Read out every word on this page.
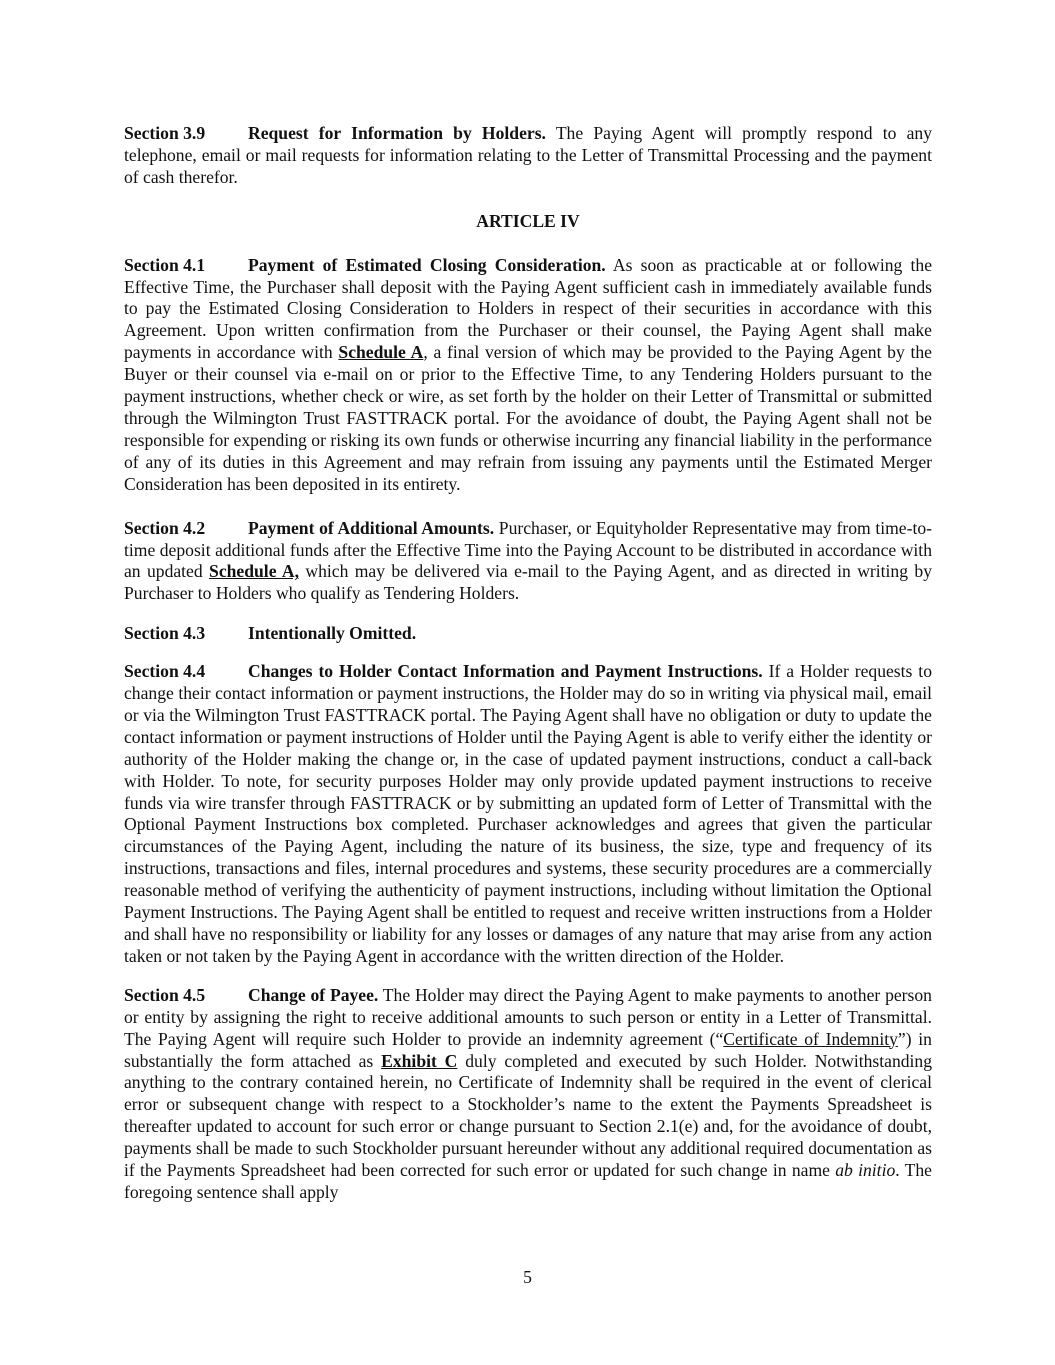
Section 3.9 Request for Information by Holders. The Paying Agent will promptly respond to any telephone, email or mail requests for information relating to the Letter of Transmittal Processing and the payment of cash therefor.

ARTICLE IV

Section 4.1 Payment of Estimated Closing Consideration. As soon as practicable at or following the Effective Time, the Purchaser shall deposit with the Paying Agent sufficient cash in immediately available funds to pay the Estimated Closing Consideration to Holders in respect of their securities in accordance with this Agreement. Upon written confirmation from the Purchaser or their counsel, the Paying Agent shall make payments in accordance with Schedule A, a final version of which may be provided to the Paying Agent by the Buyer or their counsel via e-mail on or prior to the Effective Time, to any Tendering Holders pursuant to the payment instructions, whether check or wire, as set forth by the holder on their Letter of Transmittal or submitted through the Wilmington Trust FASTTRACK portal. For the avoidance of doubt, the Paying Agent shall not be responsible for expending or risking its own funds or otherwise incurring any financial liability in the performance of any of its duties in this Agreement and may refrain from issuing any payments until the Estimated Merger Consideration has been deposited in its entirety.

Section 4.2 Payment of Additional Amounts. Purchaser, or Equityholder Representative may from time-to-time deposit additional funds after the Effective Time into the Paying Account to be distributed in accordance with an updated Schedule A, which may be delivered via e-mail to the Paying Agent, and as directed in writing by Purchaser to Holders who qualify as Tendering Holders.

Section 4.3 Intentionally Omitted.

Section 4.4 Changes to Holder Contact Information and Payment Instructions. If a Holder requests to change their contact information or payment instructions, the Holder may do so in writing via physical mail, email or via the Wilmington Trust FASTTRACK portal. The Paying Agent shall have no obligation or duty to update the contact information or payment instructions of Holder until the Paying Agent is able to verify either the identity or authority of the Holder making the change or, in the case of updated payment instructions, conduct a call-back with Holder. To note, for security purposes Holder may only provide updated payment instructions to receive funds via wire transfer through FASTTRACK or by submitting an updated form of Letter of Transmittal with the Optional Payment Instructions box completed. Purchaser acknowledges and agrees that given the particular circumstances of the Paying Agent, including the nature of its business, the size, type and frequency of its instructions, transactions and files, internal procedures and systems, these security procedures are a commercially reasonable method of verifying the authenticity of payment instructions, including without limitation the Optional Payment Instructions. The Paying Agent shall be entitled to request and receive written instructions from a Holder and shall have no responsibility or liability for any losses or damages of any nature that may arise from any action taken or not taken by the Paying Agent in accordance with the written direction of the Holder.

Section 4.5 Change of Payee. The Holder may direct the Paying Agent to make payments to another person or entity by assigning the right to receive additional amounts to such person or entity in a Letter of Transmittal. The Paying Agent will require such Holder to provide an indemnity agreement (“Certificate of Indemnity”) in substantially the form attached as Exhibit C duly completed and executed by such Holder. Notwithstanding anything to the contrary contained herein, no Certificate of Indemnity shall be required in the event of clerical error or subsequent change with respect to a Stockholder’s name to the extent the Payments Spreadsheet is thereafter updated to account for such error or change pursuant to Section 2.1(e) and, for the avoidance of doubt, payments shall be made to such Stockholder pursuant hereunder without any additional required documentation as if the Payments Spreadsheet had been corrected for such error or updated for such change in name ab initio. The foregoing sentence shall apply

5
